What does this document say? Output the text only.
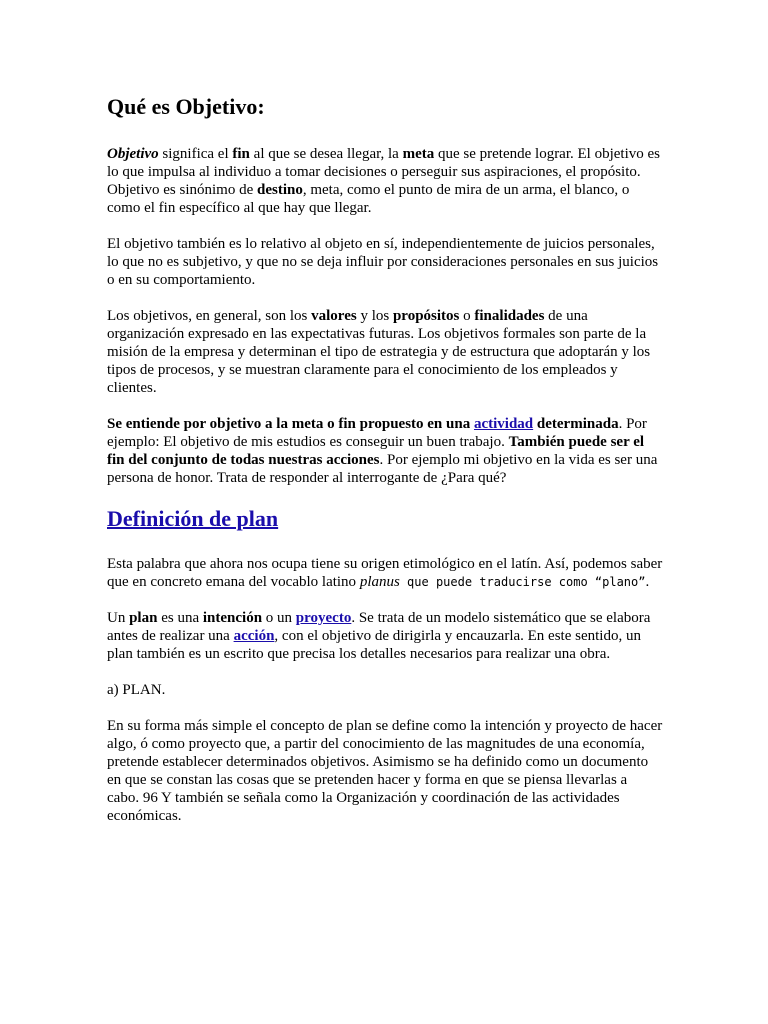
Qué es Objetivo:

Objetivo significa el fin al que se desea llegar, la meta que se pretende lograr. El objetivo es lo que impulsa al individuo a tomar decisiones o perseguir sus aspiraciones, el propósito. Objetivo es sinónimo de destino, meta, como el punto de mira de un arma, el blanco, o como el fin específico al que hay que llegar.

El objetivo también es lo relativo al objeto en sí, independientemente de juicios personales, lo que no es subjetivo, y que no se deja influir por consideraciones personales en sus juicios o en su comportamiento.

Los objetivos, en general, son los valores y los propósitos o finalidades de una organización expresado en las expectativas futuras. Los objetivos formales son parte de la misión de la empresa y determinan el tipo de estrategia y de estructura que adoptarán y los tipos de procesos, y se muestran claramente para el conocimiento de los empleados y clientes.

Se entiende por objetivo a la meta o fin propuesto en una actividad determinada. Por ejemplo: El objetivo de mis estudios es conseguir un buen trabajo. También puede ser el fin del conjunto de todas nuestras acciones. Por ejemplo mi objetivo en la vida es ser una persona de honor. Trata de responder al interrogante de ¿Para qué?

Definición de plan

Esta palabra que ahora nos ocupa tiene su origen etimológico en el latín. Así, podemos saber que en concreto emana del vocablo latino planus que puede traducirse como “plano”.

Un plan es una intención o un proyecto. Se trata de un modelo sistemático que se elabora antes de realizar una acción, con el objetivo de dirigirla y encauzarla. En este sentido, un plan también es un escrito que precisa los detalles necesarios para realizar una obra.

a) PLAN.

En su forma más simple el concepto de plan se define como la intención y proyecto de hacer algo, ó como proyecto que, a partir del conocimiento de las magnitudes de una economía, pretende establecer determinados objetivos. Asimismo se ha definido como un documento en que se constan las cosas que se pretenden hacer y forma en que se piensa llevarlas a cabo. 96 Y también se señala como la Organización y coordinación de las actividades económicas.
